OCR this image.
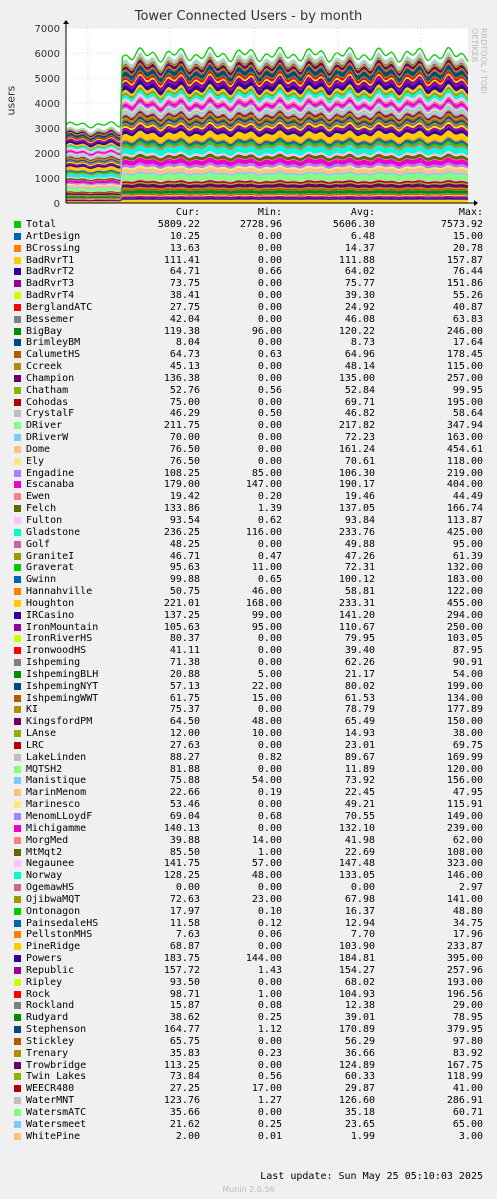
Tower Connected Users - by month
users
RRDTOOL / TOBI OETIKER
0
1000
2000
3000
4000
5000
6000
7000
Cur:	Min:	Avg:	Max:
Total	5809.22	2728.96	5606.30	7573.92
ArtDesign	10.25	0.00	6.48	15.00
BCrossing	13.63	0.00	14.37	20.78
BadRvrT1	111.41	0.00	111.88	157.87
BadRvrT2	64.71	0.66	64.02	76.44
BadRvrT3	73.75	0.00	75.77	151.86
BadRvrT4	38.41	0.00	39.30	55.26
BerglandATC	27.75	0.00	24.92	40.87
Bessemer	42.04	0.00	46.08	63.83
BigBay	119.38	96.00	120.22	246.00
BrimleyBM	8.04	0.00	8.73	17.64
CalumetHS	64.73	0.63	64.96	178.45
Ccreek	45.13	0.00	48.14	115.00
Champion	136.38	0.00	135.00	257.00
Chatham	52.76	0.56	52.84	99.95
Cohodas	75.00	0.00	69.71	195.00
CrystalF	46.29	0.50	46.82	58.64
DRiver	211.75	0.00	217.82	347.94
DRiverW	70.00	0.00	72.23	163.00
Dome	76.50	0.00	161.24	454.61
Ely	76.50	0.00	70.61	118.00
Engadine	108.25	85.00	106.30	219.00
Escanaba	179.00	147.00	190.17	404.00
Ewen	19.42	0.20	19.46	44.49
Felch	133.86	1.39	137.05	166.74
Fulton	93.54	0.62	93.84	113.87
Gladstone	236.25	116.00	233.76	425.00
Golf	48.25	0.00	49.88	95.00
GraniteI	46.71	0.47	47.26	61.39
Graverat	95.63	11.00	72.31	132.00
Gwinn	99.88	0.65	100.12	183.00
Hannahville	50.75	46.00	58.81	122.00
Houghton	221.01	168.00	233.31	455.00
IRCasino	137.25	99.00	141.20	294.00
IronMountain	105.63	95.00	110.67	250.00
IronRiverHS	80.37	0.00	79.95	103.05
IronwoodHS	41.11	0.00	39.40	87.95
Ishpeming	71.38	0.00	62.26	90.91
IshpemingBLH	20.88	5.00	21.17	54.00
IshpemingNYT	57.13	22.00	80.02	199.00
IshpemingWWT	61.75	15.00	61.53	134.00
KI	75.37	0.00	78.79	177.89
KingsfordPM	64.50	48.00	65.49	150.00
LAnse	12.00	10.00	14.93	38.00
LRC	27.63	0.00	23.01	69.75
LakeLinden	88.27	0.82	89.67	169.99
MQTSH2	81.88	0.00	11.89	120.00
Manistique	75.88	54.00	73.92	156.00
MarinMenom	22.66	0.19	22.45	47.95
Marinesco	53.46	0.00	49.21	115.91
MenomLLoydF	69.04	0.68	70.55	149.00
Michigamme	140.13	0.00	132.10	239.00
MorgMed	39.88	14.00	41.98	62.00
MtMqt2	85.50	1.00	22.69	108.00
Negaunee	141.75	57.00	147.48	323.00
Norway	128.25	48.00	133.05	146.00
OgemawHS	0.00	0.00	0.00	2.97
OjibwaMQT	72.63	23.00	67.98	141.00
Ontonagon	17.97	0.10	16.37	48.80
PainsedaleHS	11.58	0.12	12.94	34.75
PellstonMHS	7.63	0.06	7.70	17.96
PineRidge	68.87	0.00	103.90	233.87
Powers	183.75	144.00	184.81	395.00
Republic	157.72	1.43	154.27	257.96
Ripley	93.50	0.00	68.02	193.00
Rock	98.71	1.00	104.93	196.56
Rockland	15.87	0.08	12.38	29.00
Rudyard	38.62	0.25	39.01	78.95
Stephenson	164.77	1.12	170.89	379.95
Stickley	65.75	0.00	56.29	97.80
Trenary	35.83	0.23	36.66	83.92
Trowbridge	113.25	0.00	124.89	167.75
Twin Lakes	73.84	0.56	60.33	118.99
WEECR480	27.25	17.00	29.87	41.00
WaterMNT	123.76	1.27	126.60	286.91
WatersmATC	35.66	0.00	35.18	60.71
Watersmeet	21.62	0.25	23.65	65.00
WhitePine	2.00	0.01	1.99	3.00
Last update: Sun May 25 05:10:03 2025
Munin 2.0.56
